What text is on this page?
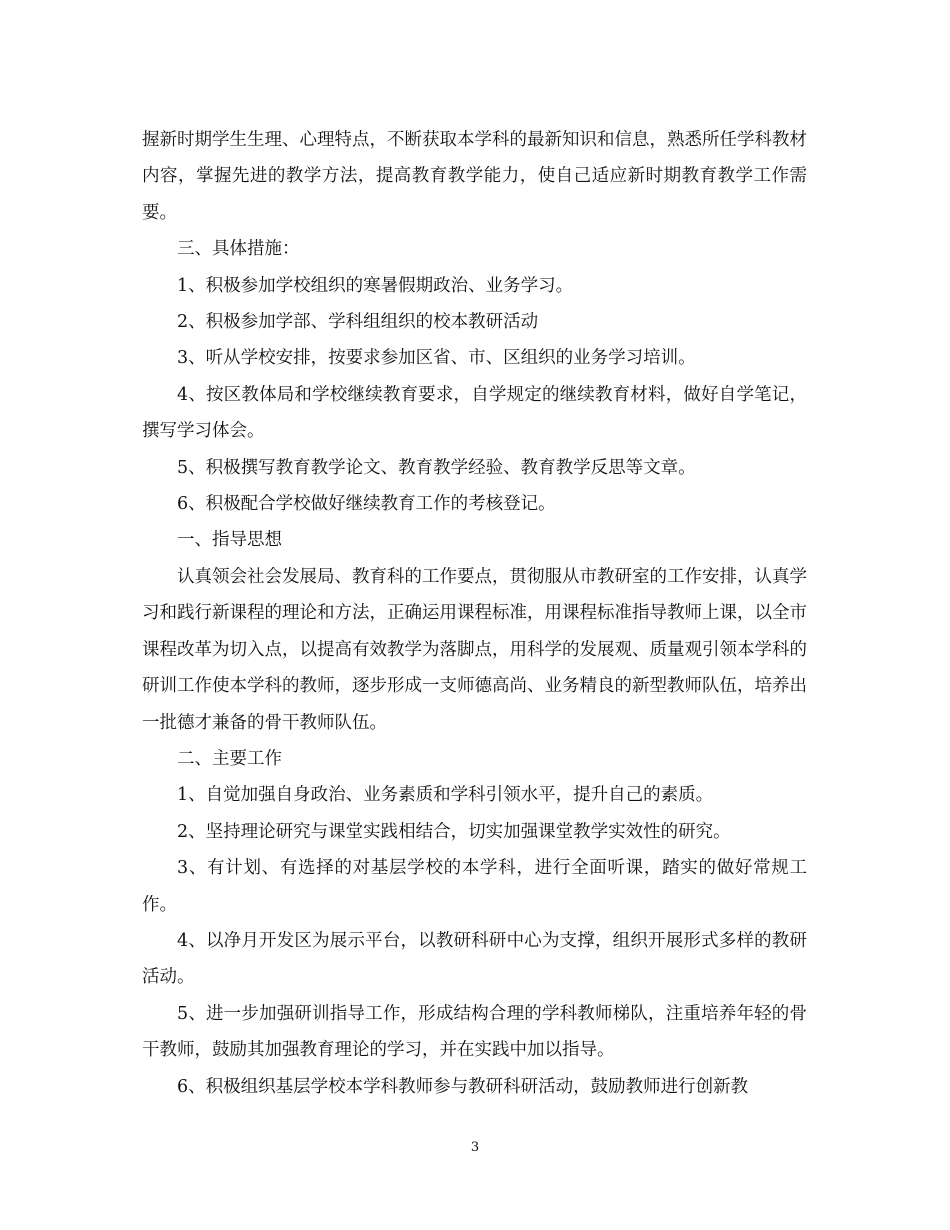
握新时期学生生理、心理特点，不断获取本学科的最新知识和信息，熟悉所任学科教材内容，掌握先进的教学方法，提高教育教学能力，使自己适应新时期教育教学工作需要。

三、具体措施：

1、积极参加学校组织的寒暑假期政治、业务学习。

2、积极参加学部、学科组组织的校本教研活动

3、听从学校安排，按要求参加区省、市、区组织的业务学习培训。

4、按区教体局和学校继续教育要求，自学规定的继续教育材料，做好自学笔记，撰写学习体会。

5、积极撰写教育教学论文、教育教学经验、教育教学反思等文章。

6、积极配合学校做好继续教育工作的考核登记。

一、指导思想

认真领会社会发展局、教育科的工作要点，贯彻服从市教研室的工作安排，认真学习和践行新课程的理论和方法，正确运用课程标准，用课程标准指导教师上课，以全市课程改革为切入点，以提高有效教学为落脚点，用科学的发展观、质量观引领本学科的研训工作使本学科的教师，逐步形成一支师德高尚、业务精良的新型教师队伍，培养出一批德才兼备的骨干教师队伍。

二、主要工作

1、自觉加强自身政治、业务素质和学科引领水平，提升自己的素质。

2、坚持理论研究与课堂实践相结合，切实加强课堂教学实效性的研究。

3、有计划、有选择的对基层学校的本学科，进行全面听课，踏实的做好常规工作。

4、以净月开发区为展示平台，以教研科研中心为支撑，组织开展形式多样的教研活动。

5、进一步加强研训指导工作，形成结构合理的学科教师梯队，注重培养年轻的骨干教师，鼓励其加强教育理论的学习，并在实践中加以指导。

6、积极组织基层学校本学科教师参与教研科研活动，鼓励教师进行创新教

3
